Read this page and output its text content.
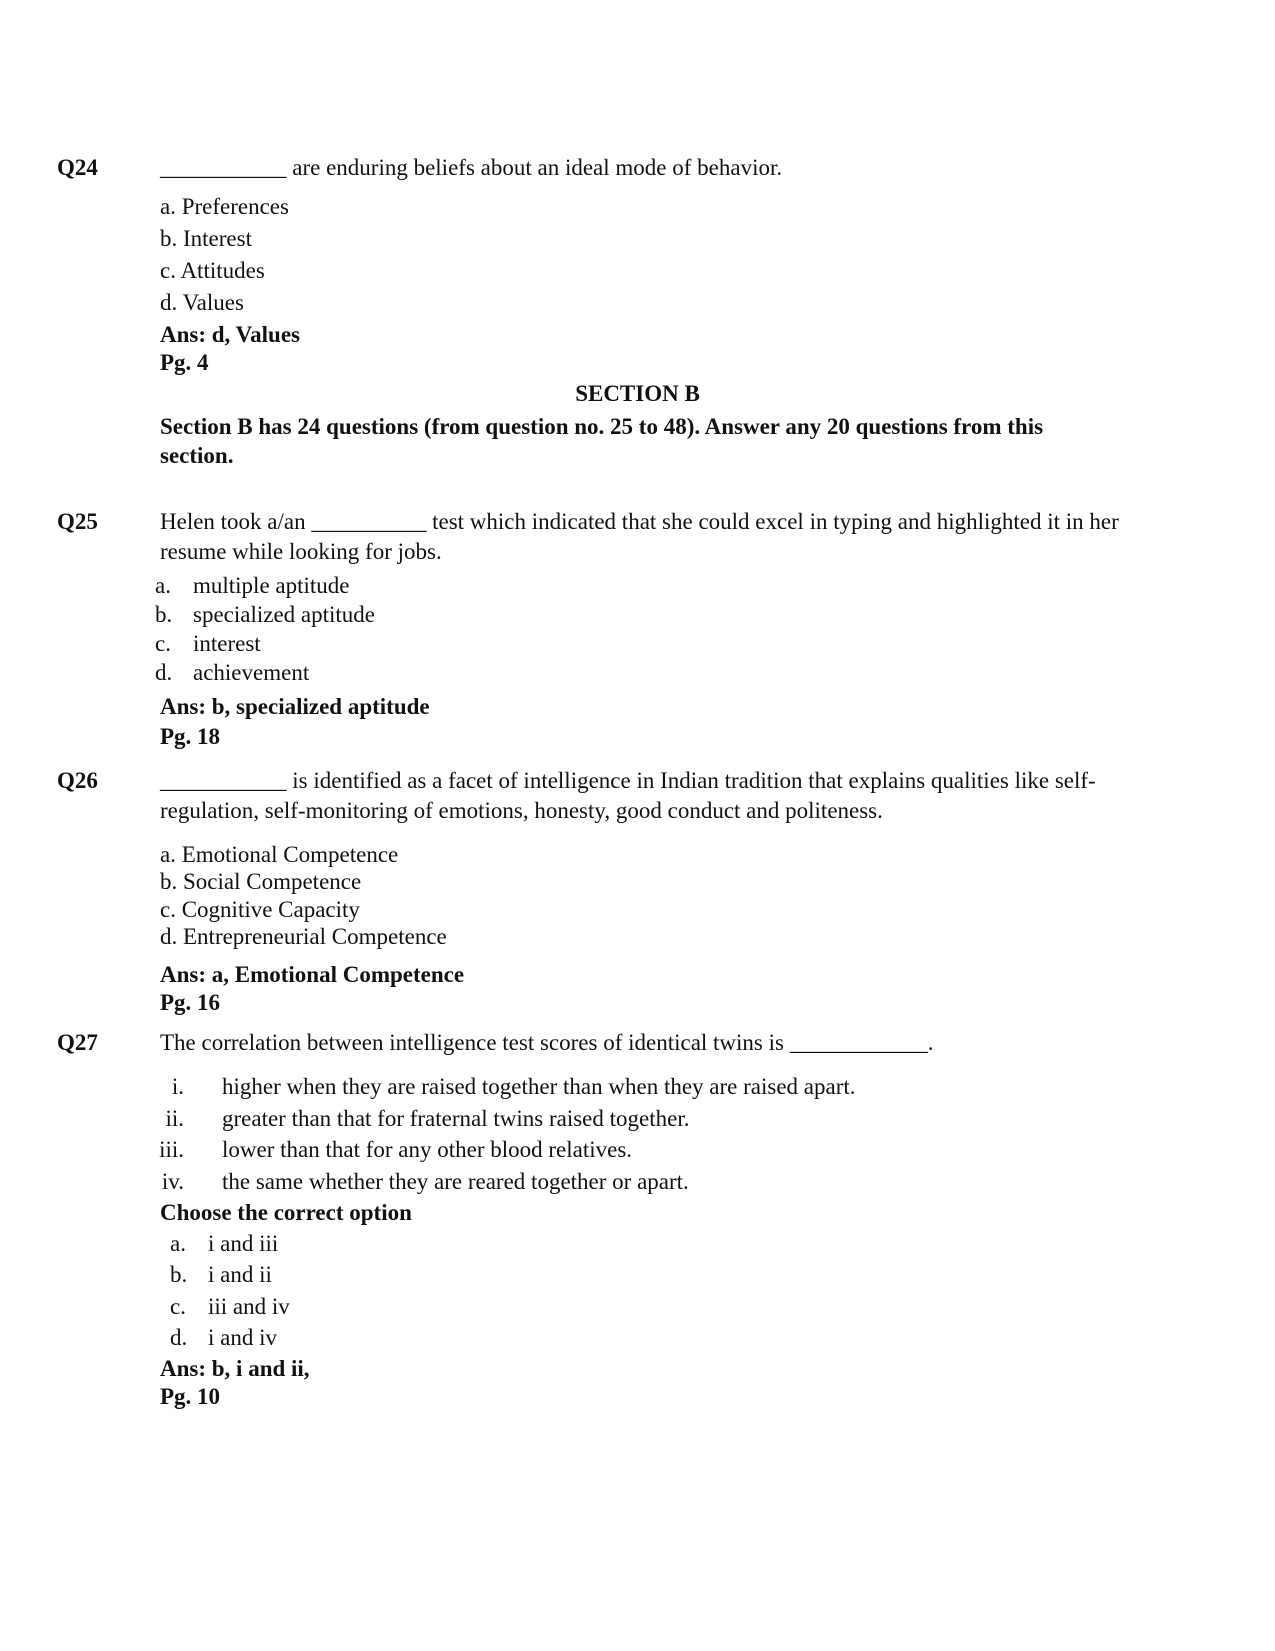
Q24	___________ are enduring beliefs about an ideal mode of behavior.
a. Preferences
b. Interest
c. Attitudes
d. Values
Ans: d, Values
Pg. 4
SECTION B
Section B has 24 questions (from question no. 25 to 48). Answer any 20 questions from this section.
Q25	Helen took a/an __________ test which indicated that she could excel in typing and highlighted it in her resume while looking for jobs.
a. multiple aptitude
b. specialized aptitude
c. interest
d. achievement
Ans: b, specialized aptitude
Pg. 18
Q26	___________ is identified as a facet of intelligence in Indian tradition that explains qualities like self-regulation, self-monitoring of emotions, honesty, good conduct and politeness.
a. Emotional Competence
b. Social Competence
c. Cognitive Capacity
d. Entrepreneurial Competence
Ans: a, Emotional Competence
Pg. 16
Q27	The correlation between intelligence test scores of identical twins is ____________.
i. higher when they are raised together than when they are raised apart.
ii. greater than that for fraternal twins raised together.
iii. lower than that for any other blood relatives.
iv. the same whether they are reared together or apart.
Choose the correct option
a. i and iii
b. i and ii
c. iii and iv
d. i and iv
Ans: b, i and ii,
Pg. 10
